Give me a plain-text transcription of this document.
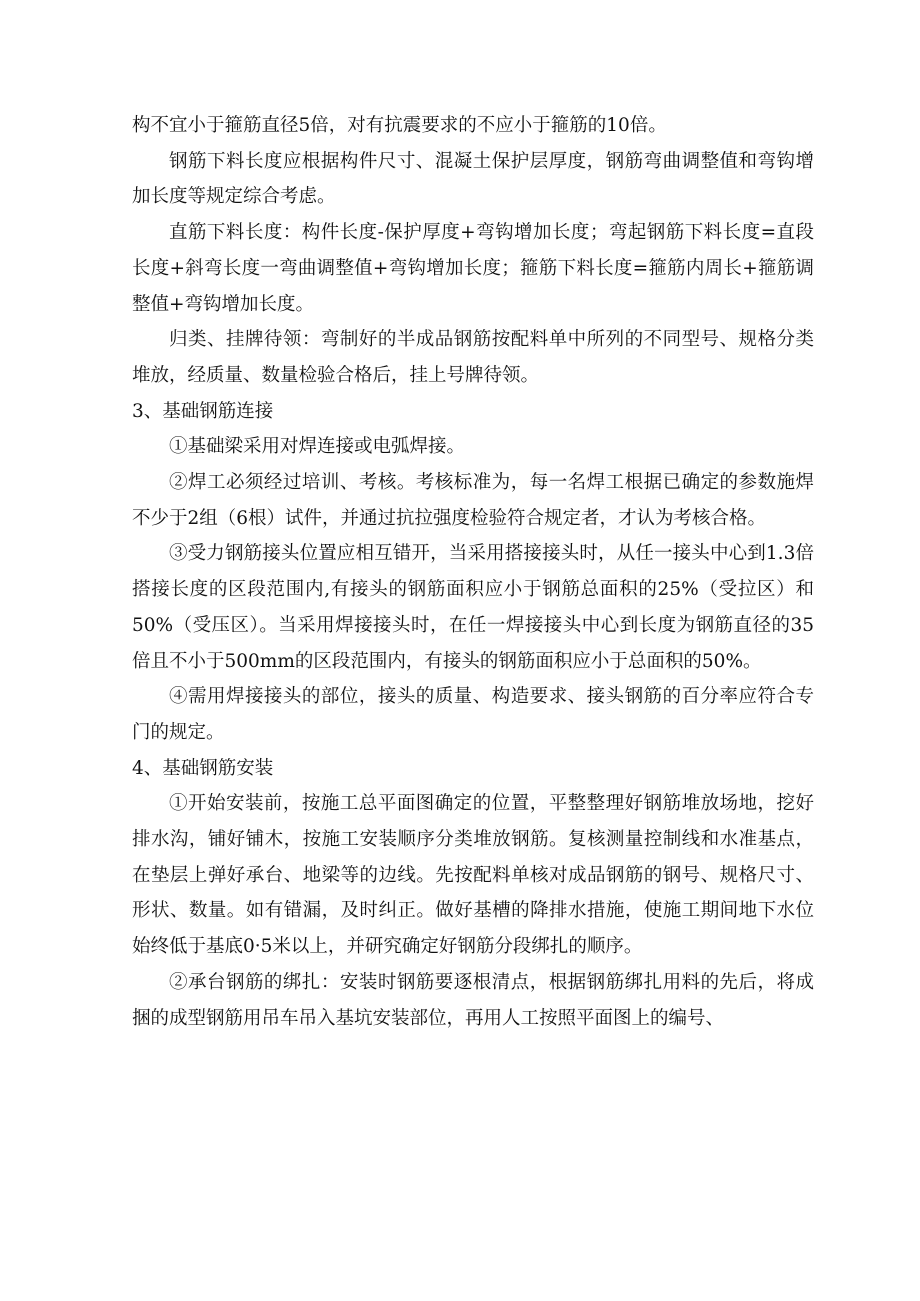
构不宜小于箍筋直径5倍，对有抗震要求的不应小于箍筋的10倍。

钢筋下料长度应根据构件尺寸、混凝土保护层厚度，钢筋弯曲调整值和弯钩增加长度等规定综合考虑。

直筋下料长度：构件长度-保护厚度+弯钩增加长度；弯起钢筋下料长度=直段长度+斜弯长度一弯曲调整值+弯钩增加长度；箍筋下料长度=箍筋内周长+箍筋调整值+弯钩增加长度。

归类、挂牌待领：弯制好的半成品钢筋按配料单中所列的不同型号、规格分类堆放，经质量、数量检验合格后，挂上号牌待领。

3、基础钢筋连接

①基础梁采用对焊连接或电弧焊接。

②焊工必须经过培训、考核。考核标准为，每一名焊工根据已确定的参数施焊不少于2组（6根）试件，并通过抗拉强度检验符合规定者，才认为考核合格。

③受力钢筋接头位置应相互错开，当采用搭接接头时，从任一接头中心到1.3倍搭接长度的区段范围内,有接头的钢筋面积应小于钢筋总面积的25%（受拉区）和50%（受压区）。当采用焊接接头时，在任一焊接接头中心到长度为钢筋直径的35倍且不小于500mm的区段范围内，有接头的钢筋面积应小于总面积的50%。

④需用焊接接头的部位，接头的质量、构造要求、接头钢筋的百分率应符合专门的规定。

4、基础钢筋安装

①开始安装前，按施工总平面图确定的位置，平整整理好钢筋堆放场地，挖好排水沟，铺好铺木，按施工安装顺序分类堆放钢筋。复核测量控制线和水准基点，在垫层上弹好承台、地梁等的边线。先按配料单核对成品钢筋的钢号、规格尺寸、形状、数量。如有错漏，及时纠正。做好基槽的降排水措施，使施工期间地下水位始终低于基底0·5米以上，并研究确定好钢筋分段绑扎的顺序。

②承台钢筋的绑扎：安装时钢筋要逐根清点，根据钢筋绑扎用料的先后，将成捆的成型钢筋用吊车吊入基坑安装部位，再用人工按照平面图上的编号、
